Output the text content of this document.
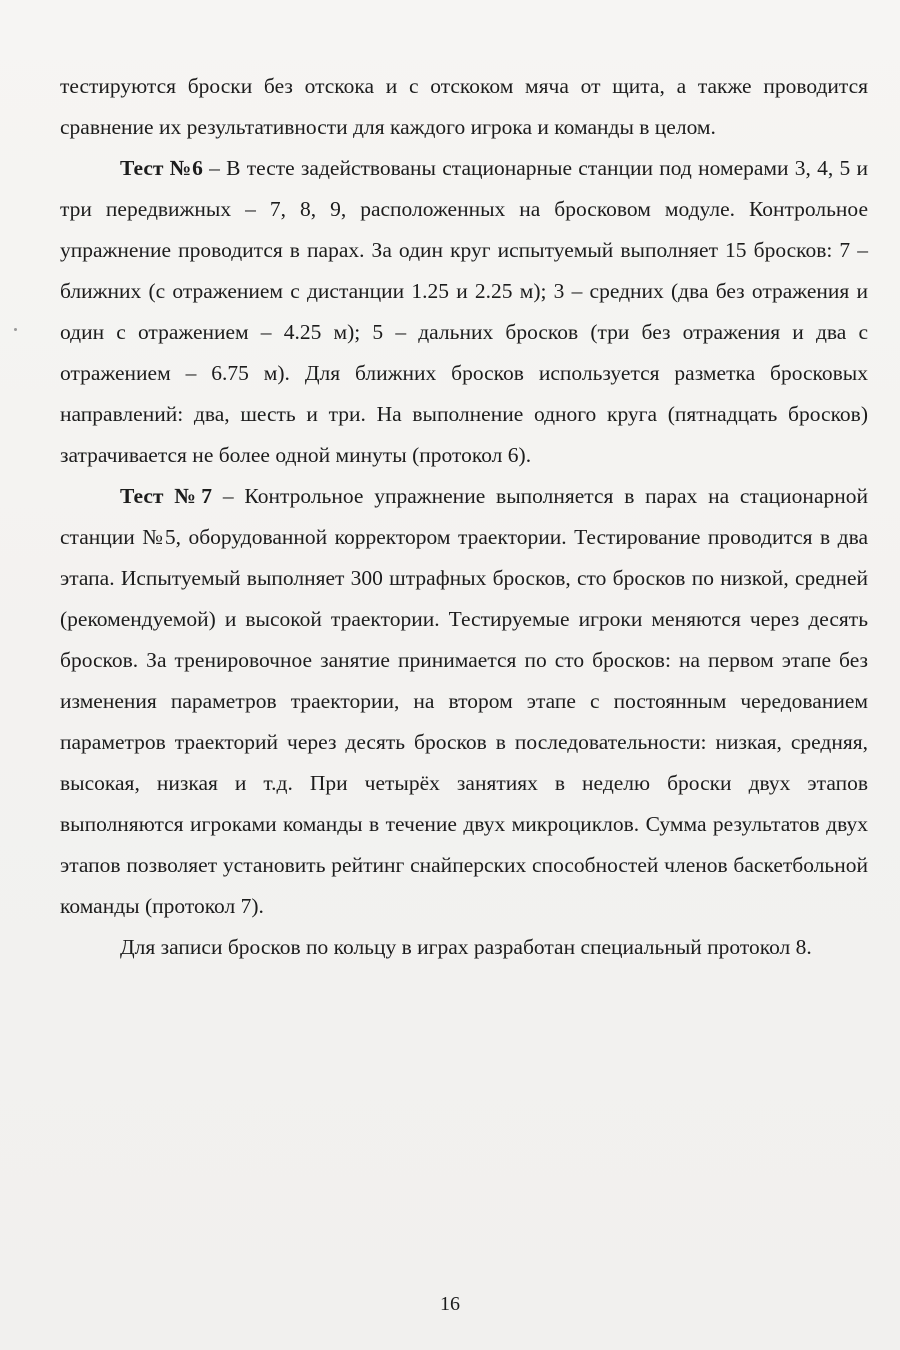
тестируются броски без отскока и с отскоком мяча от щита, а также проводится сравнение их результативности для каждого игрока и команды в целом.

Тест №6 – В тесте задействованы стационарные станции под номерами 3, 4, 5 и три передвижных – 7, 8, 9, расположенных на бросковом модуле. Контрольное упражнение проводится в парах. За один круг испытуемый выполняет 15 бросков: 7 – ближних (с отражением с дистанции 1.25 и 2.25 м); 3 – средних (два без отражения и один с отражением – 4.25 м); 5 – дальних бросков (три без отражения и два с отражением – 6.75 м). Для ближних бросков используется разметка бросковых направлений: два, шесть и три. На выполнение одного круга (пятнадцать бросков) затрачивается не более одной минуты (протокол 6).

Тест №7 – Контрольное упражнение выполняется в парах на стационарной станции №5, оборудованной корректором траектории. Тестирование проводится в два этапа. Испытуемый выполняет 300 штрафных бросков, сто бросков по низкой, средней (рекомендуемой) и высокой траектории. Тестируемые игроки меняются через десять бросков. За тренировочное занятие принимается по сто бросков: на первом этапе без изменения параметров траектории, на втором этапе с постоянным чередованием параметров траекторий через десять бросков в последовательности: низкая, средняя, высокая, низкая и т.д. При четырёх занятиях в неделю броски двух этапов выполняются игроками команды в течение двух микроциклов. Сумма результатов двух этапов позволяет установить рейтинг снайперских способностей членов баскетбольной команды (протокол 7).

Для записи бросков по кольцу в играх разработан специальный протокол 8.

16
